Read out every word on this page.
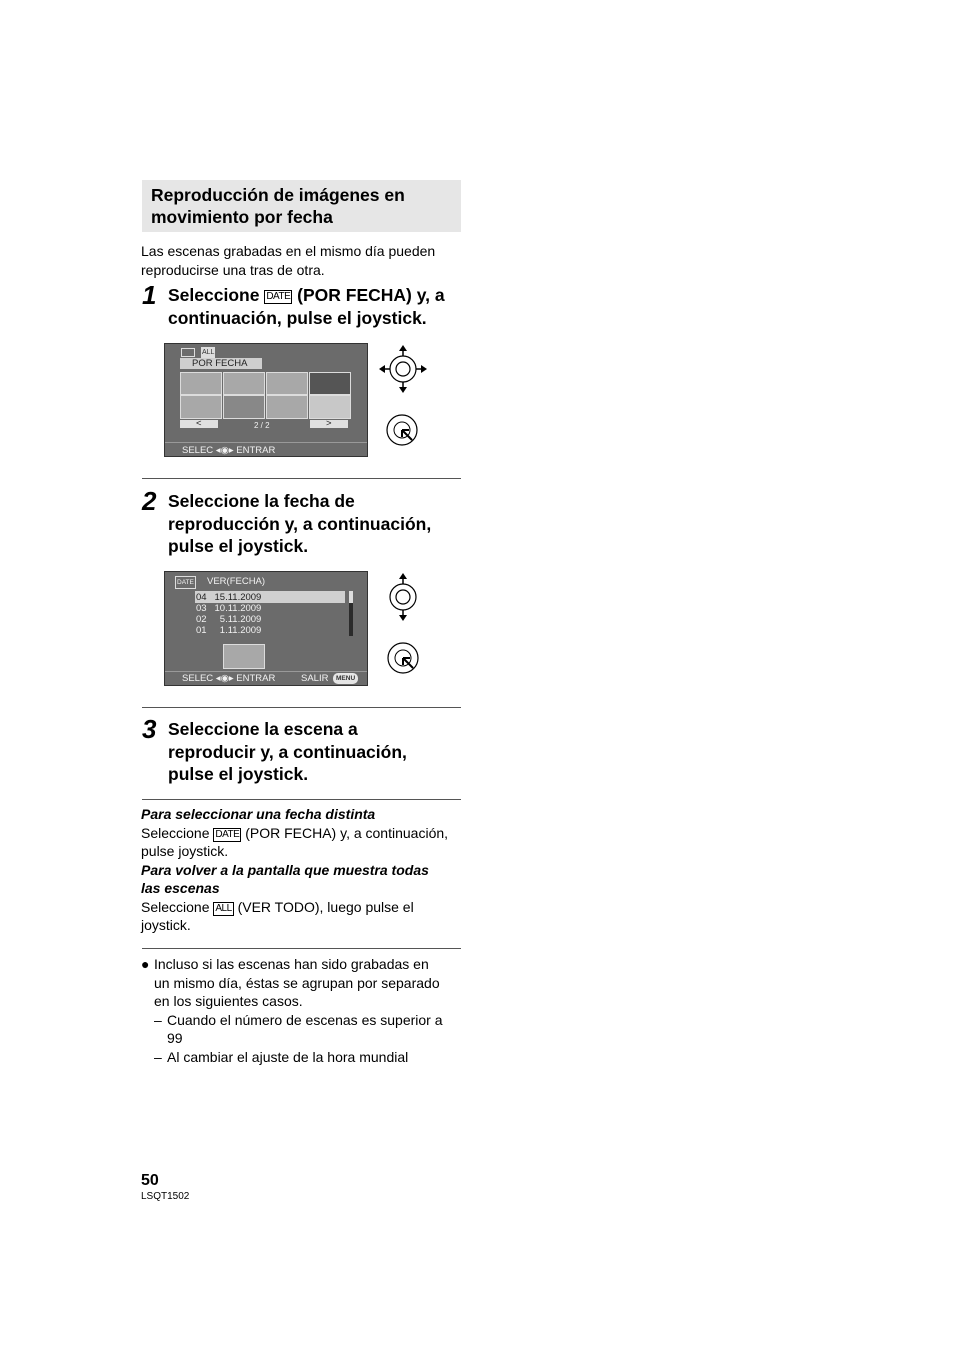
Reproducción de imágenes en
movimiento por fecha
Las escenas grabadas en el mismo día pueden
reproducirse una tras de otra.
1 Seleccione DATE (POR FECHA) y, a
continuación, pulse el joystick.
ALL
POR FECHA
<	2 / 2	>
SELEC ◂◉▸ ENTRAR
2 Seleccione la fecha de
reproducción y, a continuación,
pulse el joystick.
DATE VER(FECHA)
04 15.11.2009
03 10.11.2009
02 5.11.2009
01 1.11.2009
SELEC ◂◉▸ ENTRAR	SALIR	MENU
3 Seleccione la escena a
reproducir y, a continuación,
pulse el joystick.
Para seleccionar una fecha distinta
Seleccione DATE (POR FECHA) y, a continuación,
pulse joystick.
Para volver a la pantalla que muestra todas
las escenas
Seleccione ALL (VER TODO), luego pulse el
joystick.
● Incluso si las escenas han sido grabadas en
un mismo día, éstas se agrupan por separado
en los siguientes casos.
– Cuando el número de escenas es superior a
99
– Al cambiar el ajuste de la hora mundial
50
LSQT1502
